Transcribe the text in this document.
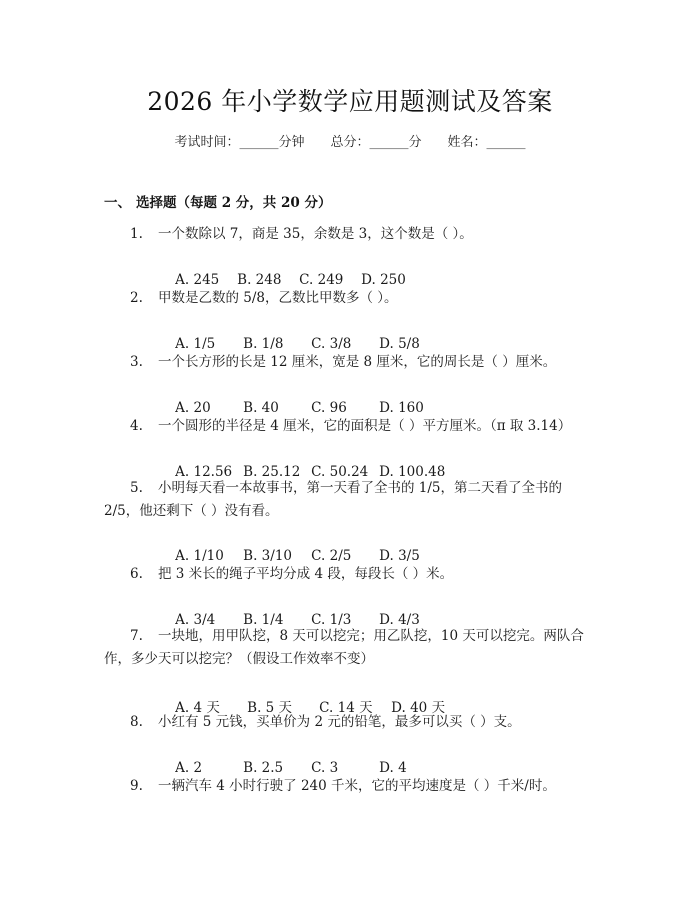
2026 年小学数学应用题测试及答案
考试时间：______分钟 总分：______分 姓名：______
一、 选择题（每题 2 分，共 20 分）
1. 一个数除以 7，商是 35，余数是 3，这个数是（ ）。

A. 245 B. 248 C. 249 D. 250

2. 甲数是乙数的 5/8，乙数比甲数多（ ）。

A. 1/5 B. 1/8 C. 3/8 D. 5/8

3. 一个长方形的长是 12 厘米，宽是 8 厘米，它的周长是（ ）厘米。

A. 20 B. 40 C. 96 D. 160

4. 一个圆形的半径是 4 厘米，它的面积是（ ）平方厘米。（π 取 3.14）

A. 12.56 B. 25.12 C. 50.24 D. 100.48

5. 小明每天看一本故事书，第一天看了全书的 1/5，第二天看了全书的 2/5，他还剩下（ ）没有看。

A. 1/10 B. 3/10 C. 2/5 D. 3/5

6. 把 3 米长的绳子平均分成 4 段，每段长（ ）米。

A. 3/4 B. 1/4 C. 1/3 D. 4/3

7. 一块地，用甲队挖，8 天可以挖完；用乙队挖，10 天可以挖完。两队合作，多少天可以挖完？（假设工作效率不变）

A. 4 天 B. 5 天 C. 14 天 D. 40 天

8. 小红有 5 元钱，买单价为 2 元的铅笔，最多可以买（ ）支。

A. 2	B. 2.5 C. 3	D. 4

9. 一辆汽车 4 小时行驶了 240 千米，它的平均速度是（ ）千米/时。
